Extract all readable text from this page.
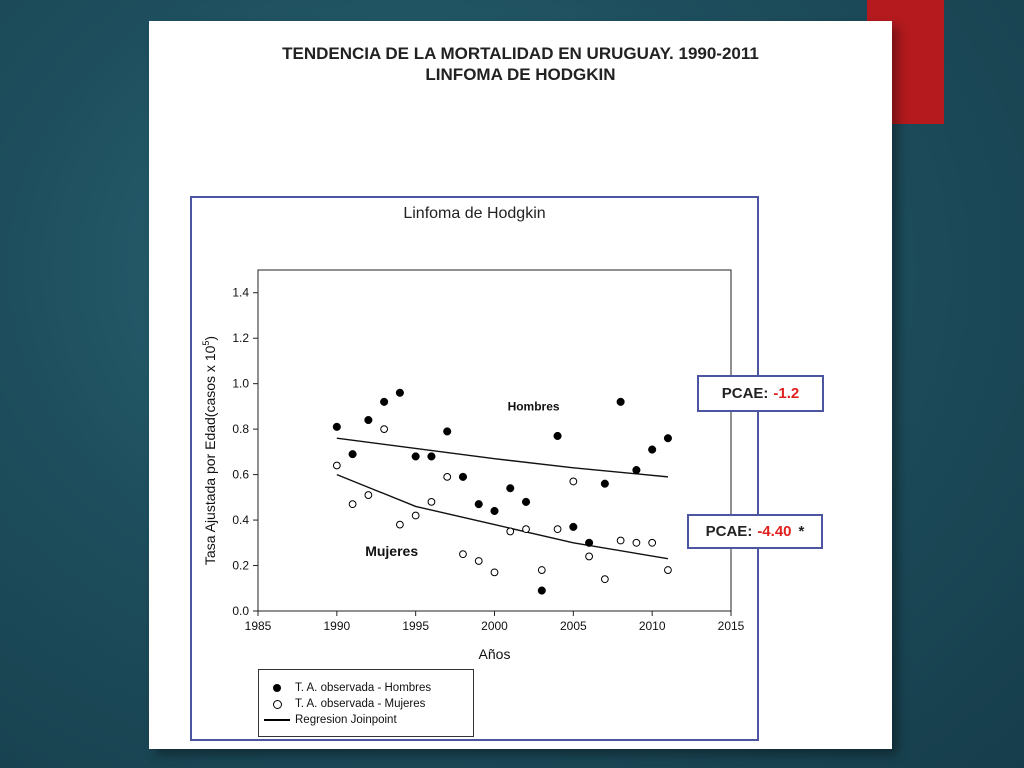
TENDENCIA DE LA MORTALIDAD EN URUGUAY. 1990-2011
LINFOMA DE HODGKIN
Linfoma de Hodgkin
0.0
0.2
0.4
0.6
0.8
1.0
1.2
1.4
1985	1990	1995	2000	2005	2010	2015
Años
Tasa Ajustada por Edad(casos x $10^5$)
Hombres
Mujeres
PCAE: -1.2
PCAE: -4.40 *
T. A. observada - Hombres
T. A. observada - Mujeres
Regresion Joinpoint
